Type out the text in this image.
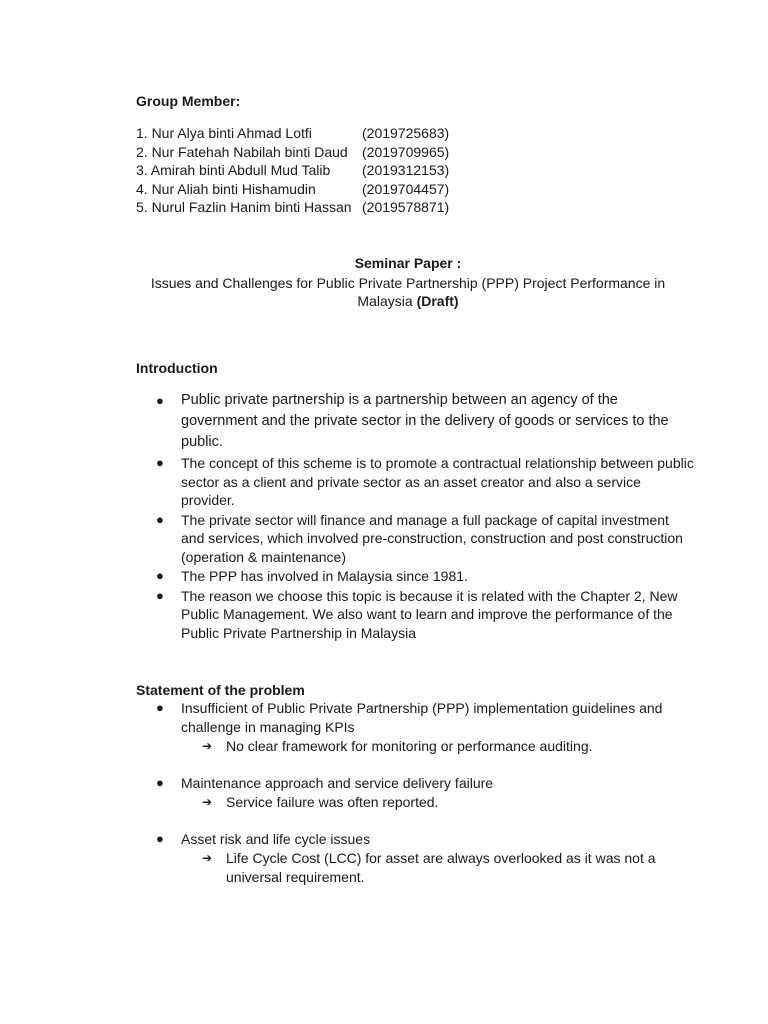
Group Member:
1. Nur Alya binti Ahmad Lotfi	(2019725683)
2. Nur Fatehah Nabilah binti Daud	(2019709965)
3. Amirah binti Abdull Mud Talib	(2019312153)
4. Nur Aliah binti Hishamudin	(2019704457)
5. Nurul Fazlin Hanim binti Hassan (2019578871)
Seminar Paper :
Issues and Challenges for Public Private Partnership (PPP) Project Performance in
Malaysia (Draft)
Introduction
● Public private partnership is a partnership between an agency of the government and the private sector in the delivery of goods or services to the public.
● The concept of this scheme is to promote a contractual relationship between public sector as a client and private sector as an asset creator and also a service provider.
● The private sector will finance and manage a full package of capital investment and services, which involved pre-construction, construction and post construction (operation & maintenance)
● The PPP has involved in Malaysia since 1981.
● The reason we choose this topic is because it is related with the Chapter 2, New Public Management. We also want to learn and improve the performance of the Public Private Partnership in Malaysia
Statement of the problem
● Insufficient of Public Private Partnership (PPP) implementation guidelines and challenge in managing KPIs
➔ No clear framework for monitoring or performance auditing.
● Maintenance approach and service delivery failure
➔ Service failure was often reported.
● Asset risk and life cycle issues
➔ Life Cycle Cost (LCC) for asset are always overlooked as it was not a universal requirement.
